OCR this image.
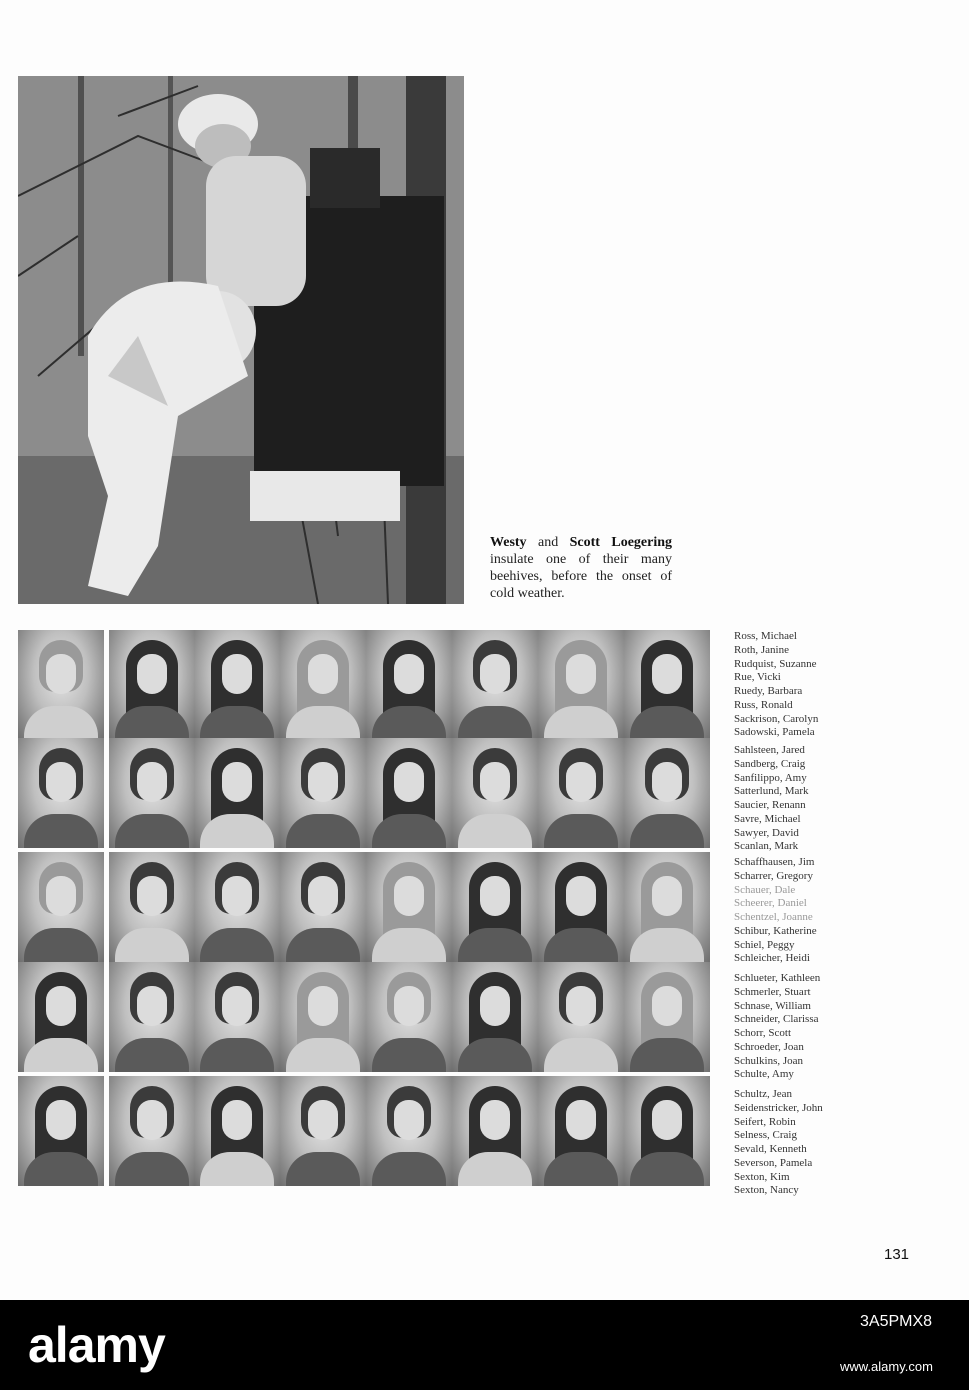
Westy and Scott Loegering insulate one of their many beehives, before the onset of cold weather.
Ross, Michael
Roth, Janine
Rudquist, Suzanne
Rue, Vicki
Ruedy, Barbara
Russ, Ronald
Sackrison, Carolyn
Sadowski, Pamela
Sahlsteen, Jared
Sandberg, Craig
Sanfilippo, Amy
Satterlund, Mark
Saucier, Renann
Savre, Michael
Sawyer, David
Scanlan, Mark
Schaffhausen, Jim
Scharrer, Gregory
Schauer, Dale
Scheerer, Daniel
Schentzel, Joanne
Schibur, Katherine
Schiel, Peggy
Schleicher, Heidi
Schlueter, Kathleen
Schmerler, Stuart
Schnase, William
Schneider, Clarissa
Schorr, Scott
Schroeder, Joan
Schulkins, Joan
Schulte, Amy
Schultz, Jean
Seidenstricker, John
Seifert, Robin
Selness, Craig
Sevald, Kenneth
Severson, Pamela
Sexton, Kim
Sexton, Nancy
131
alamy	3A5PMX8
www.alamy.com
